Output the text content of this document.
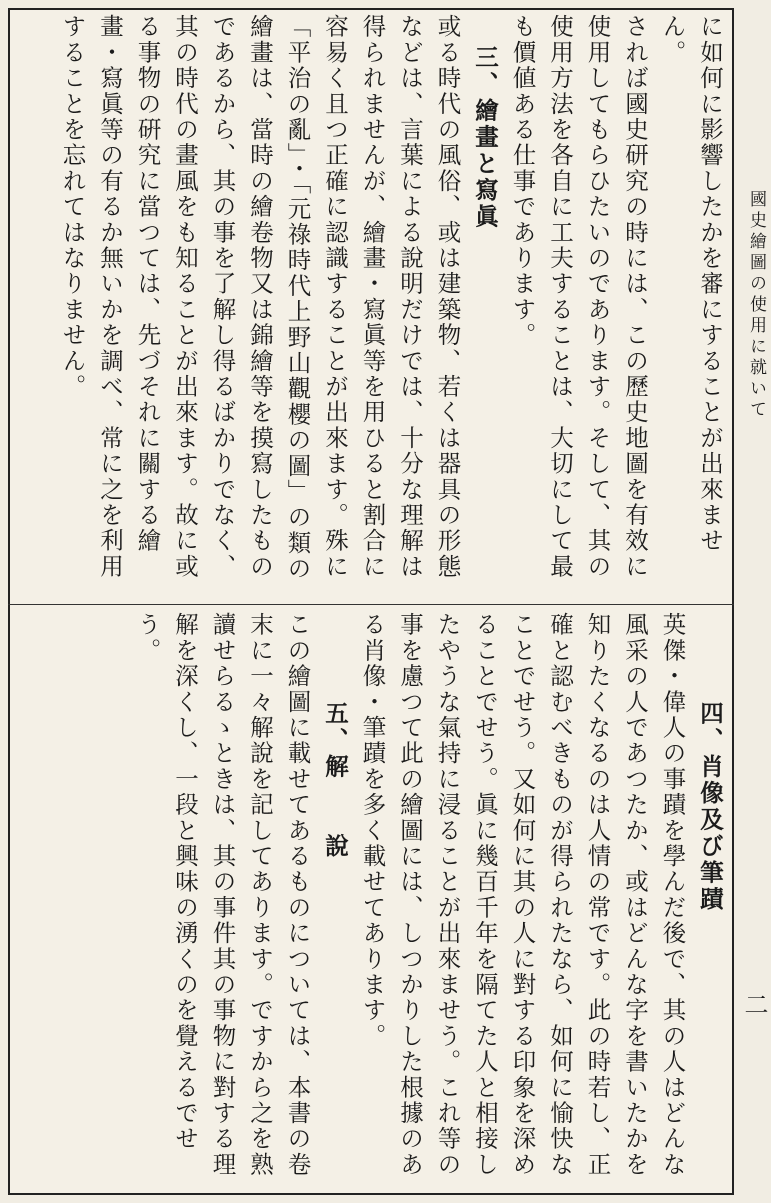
に如何に影響したかを審にすることが出來ません。

されば國史研究の時には、この歷史地圖を有效に使用してもらひたいのであります。そして、其の使用方法を各自に工夫することは、大切にして最も價値ある仕事であります。

三、繪畫と寫眞

或る時代の風俗、或は建築物、若くは器具の形態などは、言葉による說明だけでは、十分な理解は得られませんが、繪畫・寫眞等を用ひると割合に容易く且つ正確に認識することが出來ます。殊に「平治の亂」・「元祿時代上野山觀櫻の圖」の類の繪畫は、當時の繪卷物又は錦繪等を摸寫したものであるから、其の事を了解し得るばかりでなく、其の時代の畫風をも知ることが出來ます。故に或る事物の硏究に當つては、先づそれに關する繪畫・寫眞等の有るか無いかを調べ、常に之を利用することを忘れてはなりません。

四、肖像及び筆蹟

英傑・偉人の事蹟を學んだ後で、其の人はどんな風采の人であつたか、或はどんな字を書いたかを知りたくなるのは人情の常です。此の時若し、正確と認むべきものが得られたなら、如何に愉快なことでせう。又如何に其の人に對する印象を深めることでせう。眞に幾百千年を隔てた人と相接したやうな氣持に浸ることが出來ませう。これ等の事を慮つて此の繪圖には、しつかりした根據のある肖像・筆蹟を多く載せてあります。

五、解　　說

この繪圖に載せてあるものについては、本書の卷末に一々解說を記してあります。ですから之を熟讀せらるゝときは、其の事件其の事物に對する理解を深くし、一段と興味の湧くのを覺えるでせう。

國史繪圖の使用に就いて
二
